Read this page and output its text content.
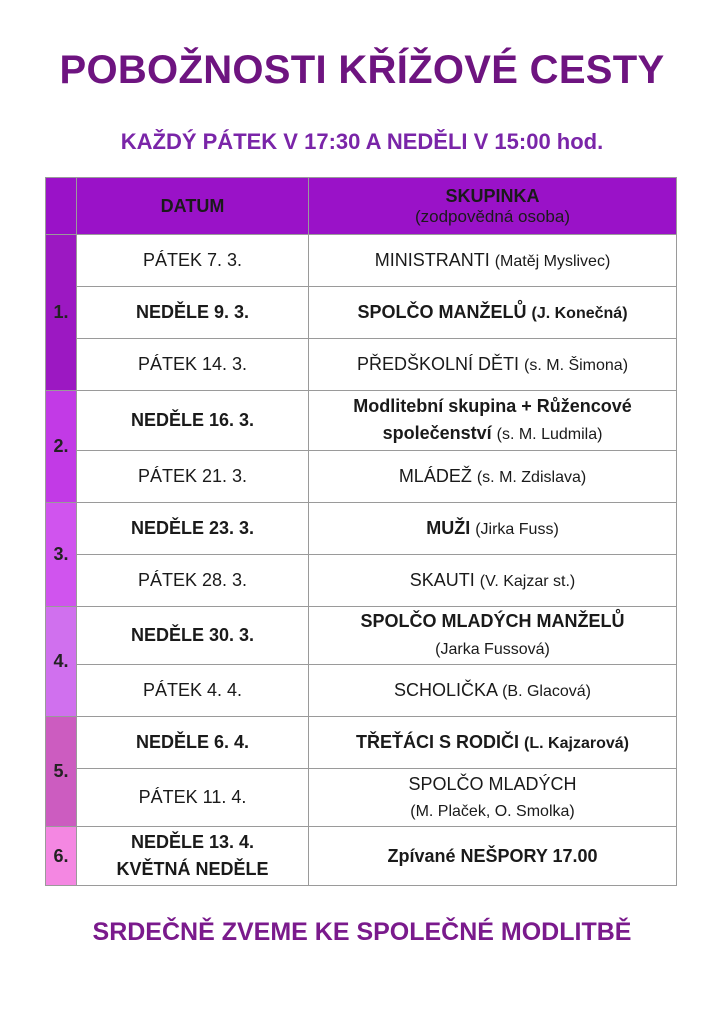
POBOŽNOSTI KŘÍŽOVÉ CESTY
KAŽDÝ PÁTEK V 17:30 A NEDĚLI V 15:00 hod.
	DATUM	SKUPINKA
(zodpovědná osoba)

1.	PÁTEK 7. 3.	MINISTRANTI (Matěj Myslivec)
	NEDĚLE 9. 3.	SPOLČO MANŽELŮ (J. Konečná)
	PÁTEK 14. 3.	PŘEDŠKOLNÍ DĚTI (s. M. Šimona)
2.	NEDĚLE 16. 3.	Modlitební skupina + Růžencové
společenství (s. M. Ludmila)
	PÁTEK 21. 3.	MLÁDEŽ (s. M. Zdislava)
3.	NEDĚLE 23. 3.	MUŽI (Jirka Fuss)
	PÁTEK 28. 3.	SKAUTI (V. Kajzar st.)
4.	NEDĚLE 30. 3.	SPOLČO MLADÝCH MANŽELŮ
(Jarka Fussová)
	PÁTEK 4. 4.	SCHOLIČKA (B. Glacová)
5.	NEDĚLE 6. 4.	TŘEŤÁCI S RODIČI (L. Kajzarová)
	PÁTEK 11. 4.	SPOLČO MLADÝCH
(M. Plaček, O. Smolka)
6.	NEDĚLE 13. 4.
KVĚTNÁ NEDĚLE	Zpívané NEŠPORY 17.00
SRDEČNĚ ZVEME KE SPOLEČNÉ MODLITBĚ
